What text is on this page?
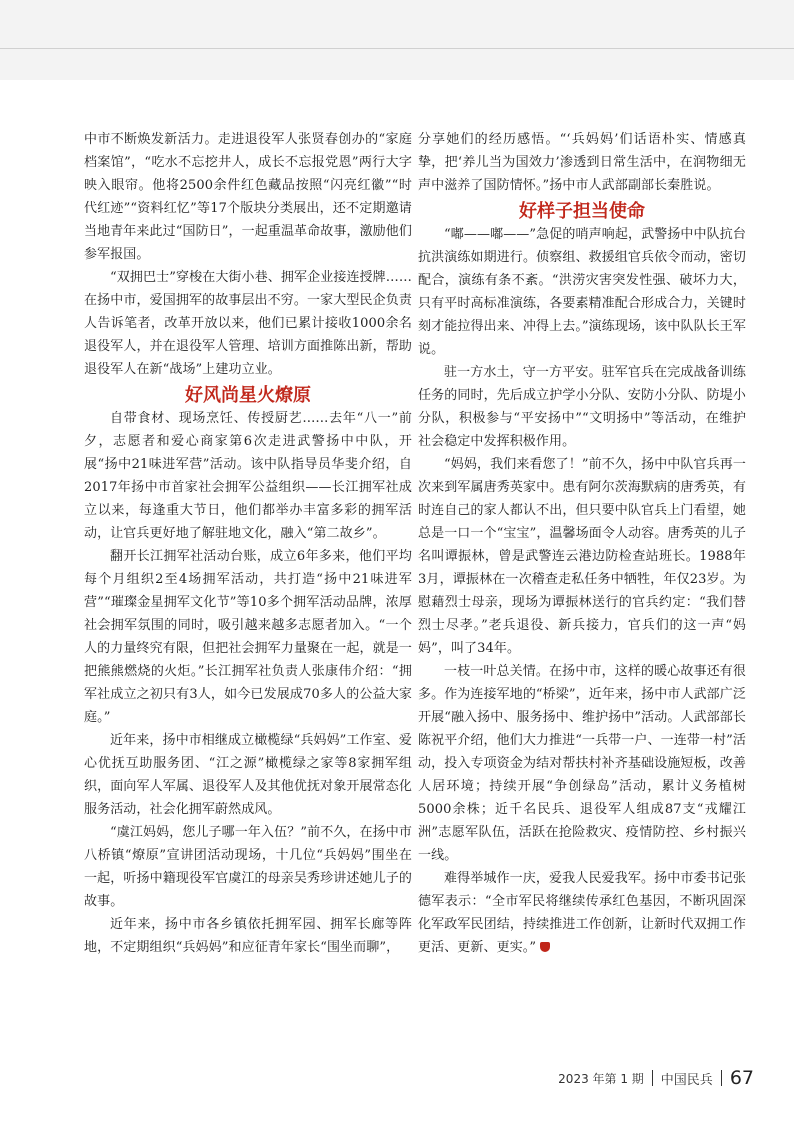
中市不断焕发新活力。走进退役军人张贤春创办的“家庭档案馆”，“吃水不忘挖井人，成长不忘报党恩”两行大字映入眼帘。他将2500余件红色藏品按照“闪亮红徽”“时代红迹”“资料红忆”等17个版块分类展出，还不定期邀请当地青年来此过“国防日”，一起重温革命故事，激励他们参军报国。

“双拥巴士”穿梭在大街小巷、拥军企业接连授牌……在扬中市，爱国拥军的故事层出不穷。一家大型民企负责人告诉笔者，改革开放以来，他们已累计接收1000余名退役军人，并在退役军人管理、培训方面推陈出新，帮助退役军人在新“战场”上建功立业。

好风尚星火燎原

自带食材、现场烹饪、传授厨艺……去年“八一”前夕，志愿者和爱心商家第6次走进武警扬中中队，开展“扬中21味进军营”活动。该中队指导员华斐介绍，自2017年扬中市首家社会拥军公益组织——长江拥军社成立以来，每逢重大节日，他们都举办丰富多彩的拥军活动，让官兵更好地了解驻地文化，融入“第二故乡”。

翻开长江拥军社活动台账，成立6年多来，他们平均每个月组织2至4场拥军活动，共打造“扬中21味进军营”“璀璨金星拥军文化节”等10多个拥军活动品牌，浓厚社会拥军氛围的同时，吸引越来越多志愿者加入。“一个人的力量终究有限，但把社会拥军力量聚在一起，就是一把熊熊燃烧的火炬。”长江拥军社负责人张康伟介绍：“拥军社成立之初只有3人，如今已发展成70多人的公益大家庭。”

近年来，扬中市相继成立橄榄绿“兵妈妈”工作室、爱心优抚互助服务团、“江之源”橄榄绿之家等8家拥军组织，面向军人军属、退役军人及其他优抚对象开展常态化服务活动，社会化拥军蔚然成风。

“虞江妈妈，您儿子哪一年入伍？”前不久，在扬中市八桥镇“燎原”宣讲团活动现场，十几位“兵妈妈”围坐在一起，听扬中籍现役军官虞江的母亲吴秀珍讲述她儿子的故事。

近年来，扬中市各乡镇依托拥军园、拥军长廊等阵地，不定期组织“兵妈妈”和应征青年家长“围坐而聊”，

分享她们的经历感悟。“‘兵妈妈’们话语朴实、情感真挚，把‘养儿当为国效力’渗透到日常生活中，在润物细无声中滋养了国防情怀。”扬中市人武部副部长秦胜说。

好样子担当使命

“嘟——嘟——”急促的哨声响起，武警扬中中队抗台抗洪演练如期进行。侦察组、救援组官兵依令而动，密切配合，演练有条不紊。“洪涝灾害突发性强、破坏力大，只有平时高标准演练，各要素精准配合形成合力，关键时刻才能拉得出来、冲得上去。”演练现场，该中队队长王军说。

驻一方水土，守一方平安。驻军官兵在完成战备训练任务的同时，先后成立护学小分队、安防小分队、防堤小分队，积极参与“平安扬中”“文明扬中”等活动，在维护社会稳定中发挥积极作用。

“妈妈，我们来看您了！”前不久，扬中中队官兵再一次来到军属唐秀英家中。患有阿尔茨海默病的唐秀英，有时连自己的家人都认不出，但只要中队官兵上门看望，她总是一口一个“宝宝”，温馨场面令人动容。唐秀英的儿子名叫谭振林，曾是武警连云港边防检查站班长。1988年3月，谭振林在一次稽查走私任务中牺牲，年仅23岁。为慰藉烈士母亲，现场为谭振林送行的官兵约定：“我们替烈士尽孝。”老兵退役、新兵接力，官兵们的这一声“妈妈”，叫了34年。

一枝一叶总关情。在扬中市，这样的暖心故事还有很多。作为连接军地的“桥梁”，近年来，扬中市人武部广泛开展“融入扬中、服务扬中、维护扬中”活动。人武部部长陈祝平介绍，他们大力推进“一兵带一户、一连带一村”活动，投入专项资金为结对帮扶村补齐基础设施短板，改善人居环境；持续开展“争创绿岛”活动，累计义务植树5000余株；近千名民兵、退役军人组成87支“戎耀江洲”志愿军队伍，活跃在抢险救灾、疫情防控、乡村振兴一线。

难得举城作一庆，爱我人民爱我军。扬中市委书记张德军表示：“全市军民将继续传承红色基因，不断巩固深化军政军民团结，持续推进工作创新，让新时代双拥工作更活、更新、更实。”

2023 年第 1 期 中国民兵 67
